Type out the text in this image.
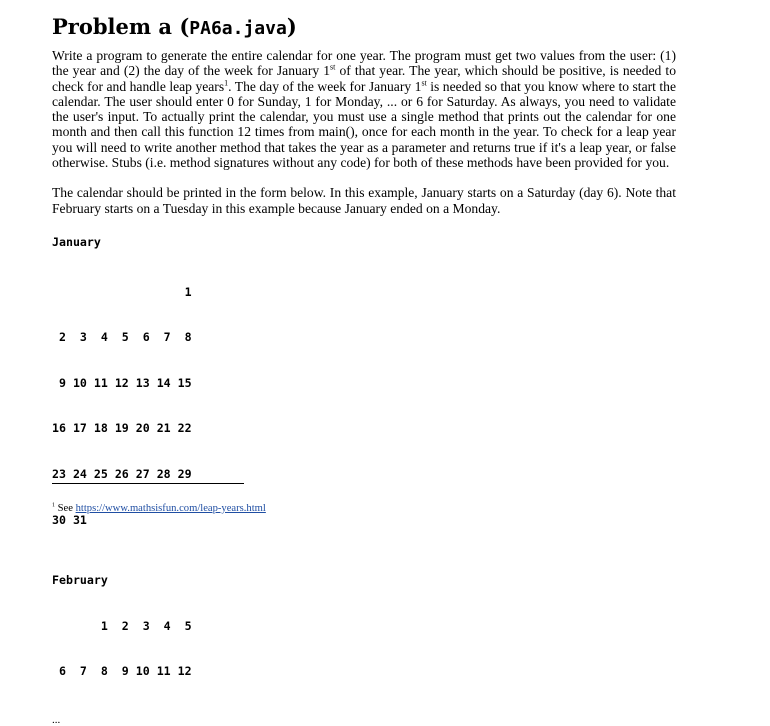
Problem a (PA6a.java)

Write a program to generate the entire calendar for one year. The program must get two values from the user: (1) the year and (2) the day of the week for January 1st of that year. The year, which should be positive, is needed to check for and handle leap years$^1$. The day of the week for January 1st is needed so that you know where to start the calendar. The user should enter 0 for Sunday, 1 for Monday, ... or 6 for Saturday. As always, you need to validate the user's input. To actually print the calendar, you must use a single method that prints out the calendar for one month and then call this function 12 times from main(), once for each month in the year. To check for a leap year you will need to write another method that takes the year as a parameter and returns true if it's a leap year, or false otherwise. Stubs (i.e. method signatures without any code) for both of these methods have been provided for you.

The calendar should be printed in the form below. In this example, January starts on a Saturday (day 6). Note that February starts on a Tuesday in this example because January ended on a Monday.

January

1

2  3  4  5  6  7  8

9 10 11 12 13 14 15

16 17 18 19 20 21 22

23 24 25 26 27 28 29

30 31

February

1  2  3  4  5

6  7  8  9 10 11 12

...
$^1$ See https://www.mathsisfun.com/leap-years.html
